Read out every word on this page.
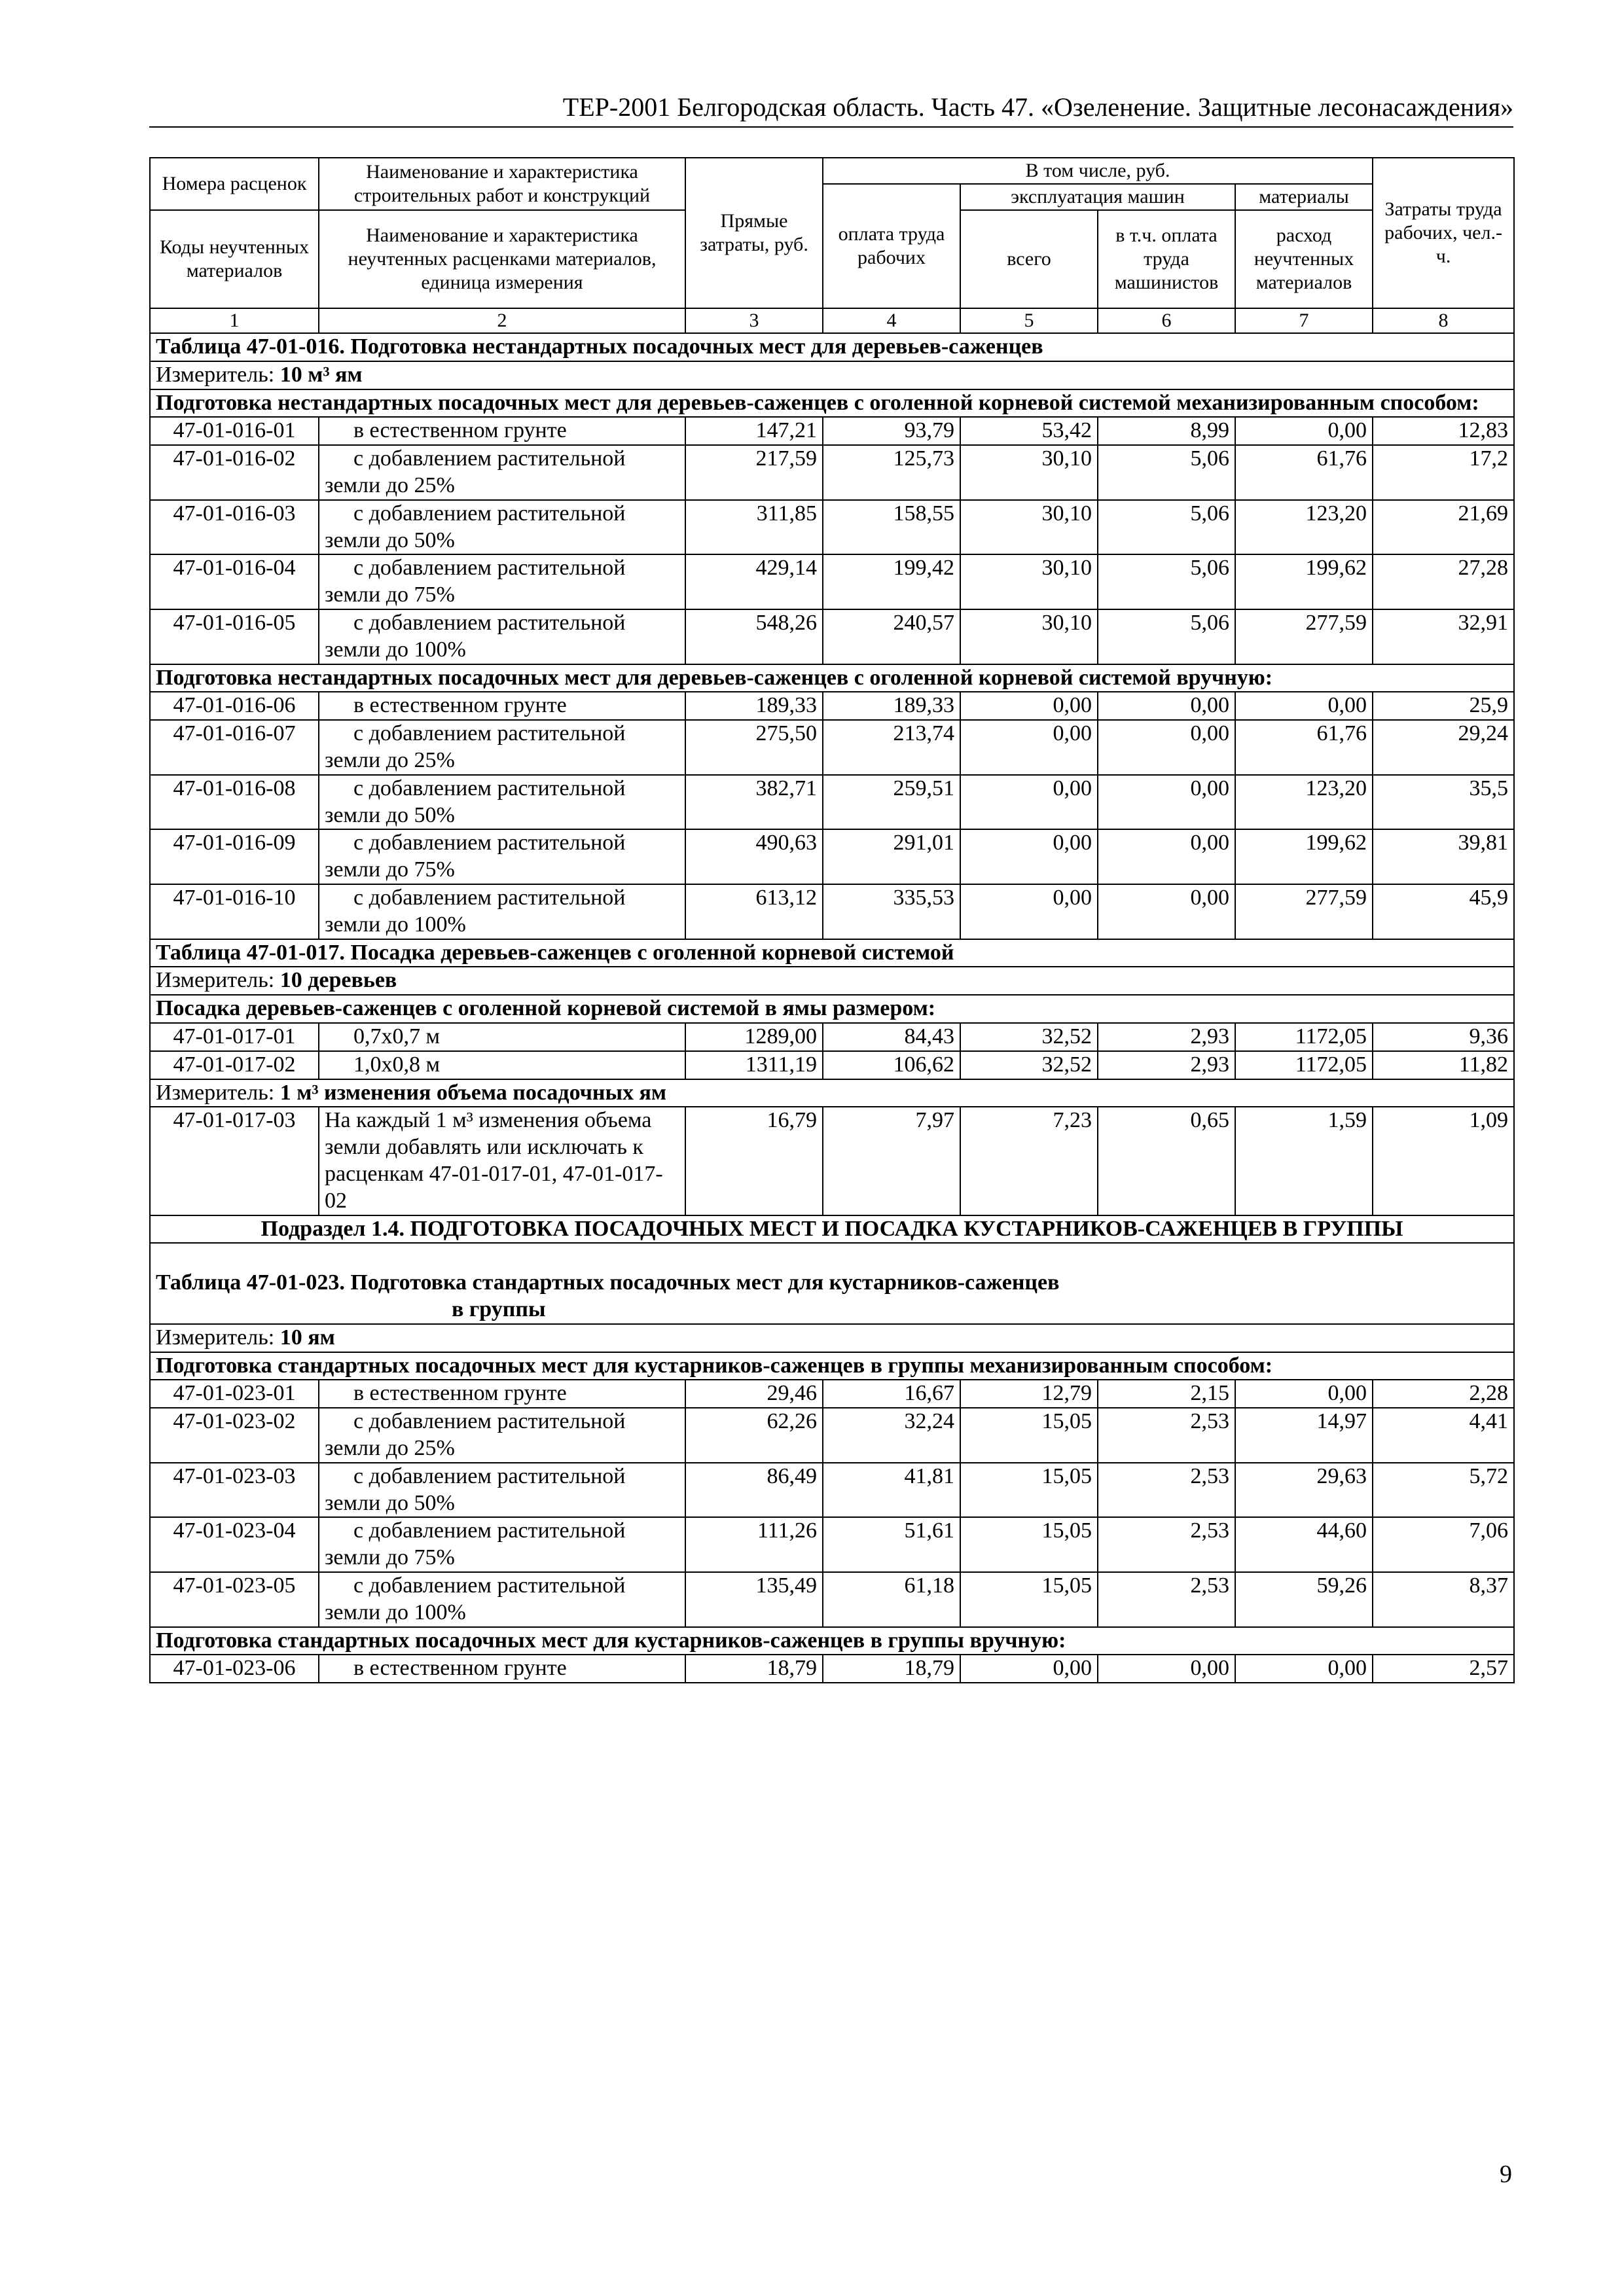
ТЕР-2001 Белгородская область. Часть 47. «Озеленение. Защитные лесонасаждения»
Номера расценок	Наименование и характеристика строительных работ и конструкций	Прямые затраты, руб.	В том числе, руб.				Затраты труда рабочих, чел.-ч.
			оплата труда рабочих	эксплуатация машин		материалы	
Коды неучтенных материалов	Наименование и характеристика неучтенных расценками материалов, единица измерения			всего	в т.ч. оплата труда машинистов	расход неучтенных материалов	

1	2	3	4	5	6	7	8
Таблица 47-01-016. Подготовка нестандартных посадочных мест для деревьев-саженцев							
Измеритель: 10 м³ ям							
Подготовка нестандартных посадочных мест для деревьев-саженцев с оголенной корневой системой механизированным способом:							
47-01-016-01	в естественном грунте	147,21	93,79	53,42	8,99	0,00	12,83
47-01-016-02	с добавлением растительной земли до 25%	217,59	125,73	30,10	5,06	61,76	17,2
47-01-016-03	с добавлением растительной земли до 50%	311,85	158,55	30,10	5,06	123,20	21,69
47-01-016-04	с добавлением растительной земли до 75%	429,14	199,42	30,10	5,06	199,62	27,28
47-01-016-05	с добавлением растительной земли до 100%	548,26	240,57	30,10	5,06	277,59	32,91
Подготовка нестандартных посадочных мест для деревьев-саженцев с оголенной корневой системой вручную:							
47-01-016-06	в естественном грунте	189,33	189,33	0,00	0,00	0,00	25,9
47-01-016-07	с добавлением растительной земли до 25%	275,50	213,74	0,00	0,00	61,76	29,24
47-01-016-08	с добавлением растительной земли до 50%	382,71	259,51	0,00	0,00	123,20	35,5
47-01-016-09	с добавлением растительной земли до 75%	490,63	291,01	0,00	0,00	199,62	39,81
47-01-016-10	с добавлением растительной земли до 100%	613,12	335,53	0,00	0,00	277,59	45,9
Таблица 47-01-017. Посадка деревьев-саженцев с оголенной корневой системой							
Измеритель: 10 деревьев							
Посадка деревьев-саженцев с оголенной корневой системой в ямы размером:							
47-01-017-01	0,7х0,7 м	1289,00	84,43	32,52	2,93	1172,05	9,36
47-01-017-02	1,0х0,8 м	1311,19	106,62	32,52	2,93	1172,05	11,82
Измеритель: 1 м³ изменения объема посадочных ям							
47-01-017-03	На каждый 1 м³ изменения объема земли добавлять или исключать к расценкам 47-01-017-01, 47-01-017-02	16,79	7,97	7,23	0,65	1,59	1,09
Подраздел 1.4. ПОДГОТОВКА ПОСАДОЧНЫХ МЕСТ И ПОСАДКА КУСТАРНИКОВ-САЖЕНЦЕВ В ГРУППЫ							
Таблица 47-01-023. Подготовка стандартных посадочных мест для кустарников-саженцев
в группы							

Измеритель: 10 ям							
Подготовка стандартных посадочных мест для кустарников-саженцев в группы механизированным способом:							
47-01-023-01	в естественном грунте	29,46	16,67	12,79	2,15	0,00	2,28
47-01-023-02	с добавлением растительной земли до 25%	62,26	32,24	15,05	2,53	14,97	4,41
47-01-023-03	с добавлением растительной земли до 50%	86,49	41,81	15,05	2,53	29,63	5,72
47-01-023-04	с добавлением растительной земли до 75%	111,26	51,61	15,05	2,53	44,60	7,06
47-01-023-05	с добавлением растительной земли до 100%	135,49	61,18	15,05	2,53	59,26	8,37
Подготовка стандартных посадочных мест для кустарников-саженцев в группы вручную:							
47-01-023-06	в естественном грунте	18,79	18,79	0,00	0,00	0,00	2,57
9
